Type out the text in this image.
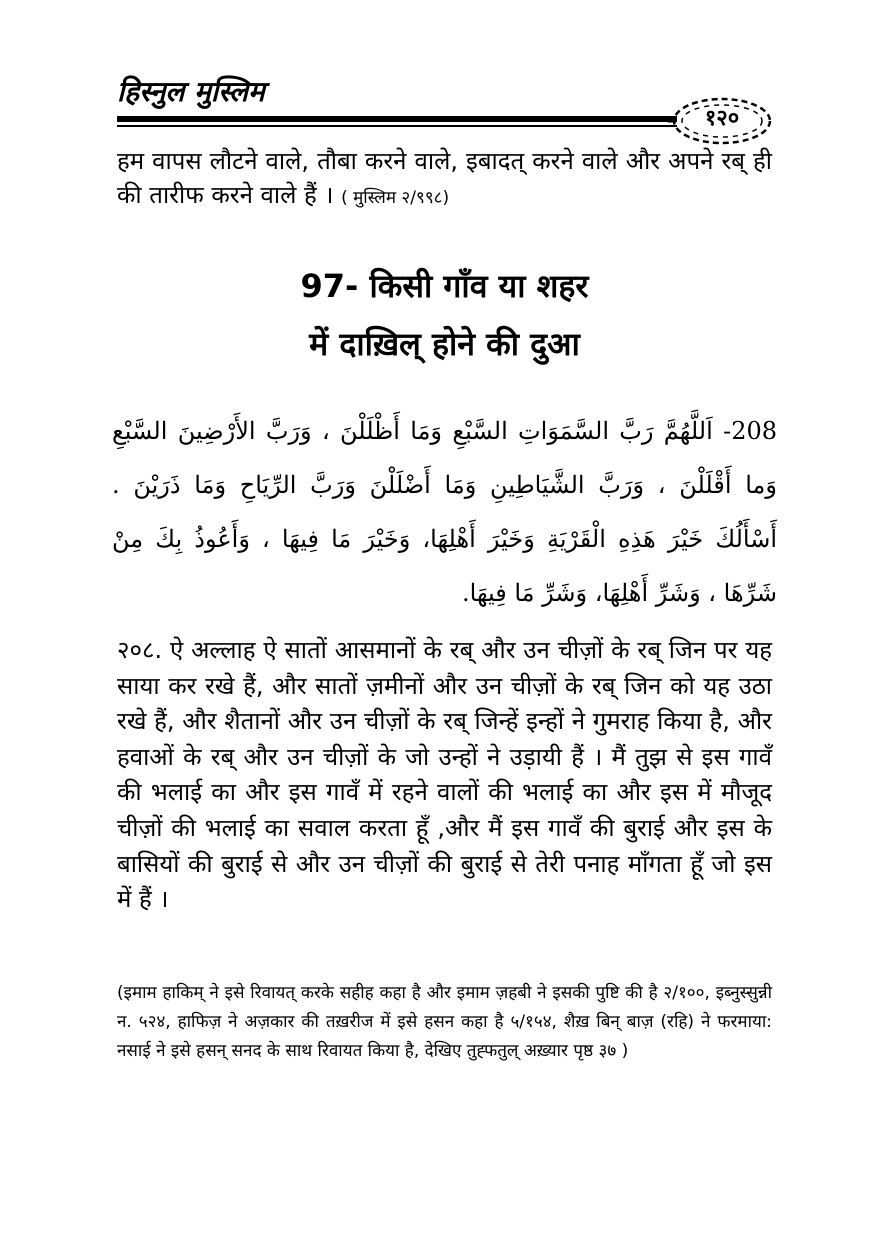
हिस्नुल मुस्लिम
१२०
हम वापस लौटने वाले, तौबा करने वाले, इबादत् करने वाले और अपने रब् ही की तारीफ करने वाले हैं । ( मुस्लिम २/९९८)
97- किसी गाँव या शहर
में दाख़िल् होने की दुआ
208- اَللَّهُمَّ رَبَّ السَّمَوَاتِ السَّبْعِ وَمَا أَظْلَلْنَ ، وَرَبَّ الأَرْضِينَ السَّبْعِ وَما أَقْلَلْنَ ، وَرَبَّ الشَّيَاطِينِ وَمَا أَضْلَلْنَ وَرَبَّ الرِّيَاحِ وَمَا ذَرَيْنَ . أَسْأَلُكَ خَيْرَ هَذِهِ الْقَرْيَةِ وَخَيْرَ أَهْلِهَا، وَخَيْرَ مَا فِيهَا ، وَأَعُوذُ بِكَ مِنْ شَرِّهَا ، وَشَرِّ أَهْلِهَا، وَشَرِّ مَا فِيهَا.
२०८. ऐ अल्लाह ऐ सातों आसमानों के रब् और उन चीज़ों के रब् जिन पर यह साया कर रखे हैं, और सातों ज़मीनों और उन चीज़ों के रब् जिन को यह उठा रखे हैं, और शैतानों और उन चीज़ों के रब् जिन्हें इन्हों ने गुमराह किया है, और हवाओं के रब् और उन चीज़ों के जो उन्हों ने उड़ायी हैं । मैं तुझ से इस गावँ की भलाई का और इस गावँ में रहने वालों की भलाई का और इस में मौजूद चीज़ों की भलाई का सवाल करता हूँ ,और मैं इस गावँ की बुराई और इस के बासियों की बुराई से और उन चीज़ों की बुराई से तेरी पनाह माँगता हूँ जो इस में हैं ।
(इमाम हाकिम् ने इसे रिवायत् करके सहीह कहा है और इमाम ज़हबी ने इसकी पुष्टि की है २/१००, इब्नुस्सुन्नी न. ५२४, हाफिज़ ने अज़कार की तख़रीज में इसे हसन कहा है ५/१५४, शैख़ बिन् बाज़ (रहि) ने फरमाया: नसाई ने इसे हसन् सनद के साथ रिवायत किया है, देखिए तुह्फतुल् अख़्यार पृष्ठ ३७ )
